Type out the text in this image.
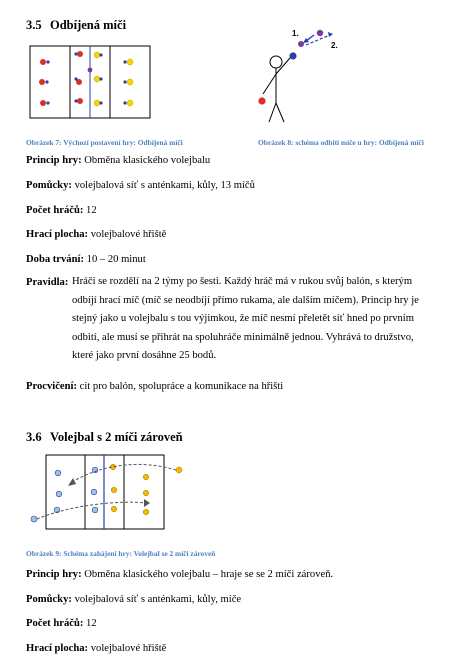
3.5 Odbíjená míči
1.
2.
Obrázek 7: Výchozí postavení hry: Odbíjená míči	Obrázek 8: schéma odbití míče u hry: Odbíjená míči
Princip hry: Obměna klasického volejbalu
Pomůcky: volejbalová síť s anténkami, kůly, 13 míčů
Počet hráčů: 12
Hrací plocha: volejbalové hřiště
Doba trvání: 10 – 20 minut
Pravidla: Hráči se rozdělí na 2 týmy po šesti. Každý hráč má v rukou svůj balón, s kterým
odbíjí hrací míč (míč se neodbíjí přímo rukama, ale dalším míčem). Princip hry je
stejný jako u volejbalu s tou výjimkou, že míč nesmí přeletět síť hned po prvním
odbití, ale musí se přihrát na spoluhráče minimálně jednou. Vyhrává to družstvo,
které jako první dosáhne 25 bodů.
Procvičení: cit pro balón, spolupráce a komunikace na hřišti
3.6 Volejbal s 2 míči zároveň
Obrázek 9: Schéma zahájení hry: Volejbal se 2 míči zároveň
Princip hry: Obměna klasického volejbalu – hraje se se 2 míči zároveň.
Pomůcky: volejbalová síť s anténkami, kůly, míče
Počet hráčů: 12
Hrací plocha: volejbalové hřiště
